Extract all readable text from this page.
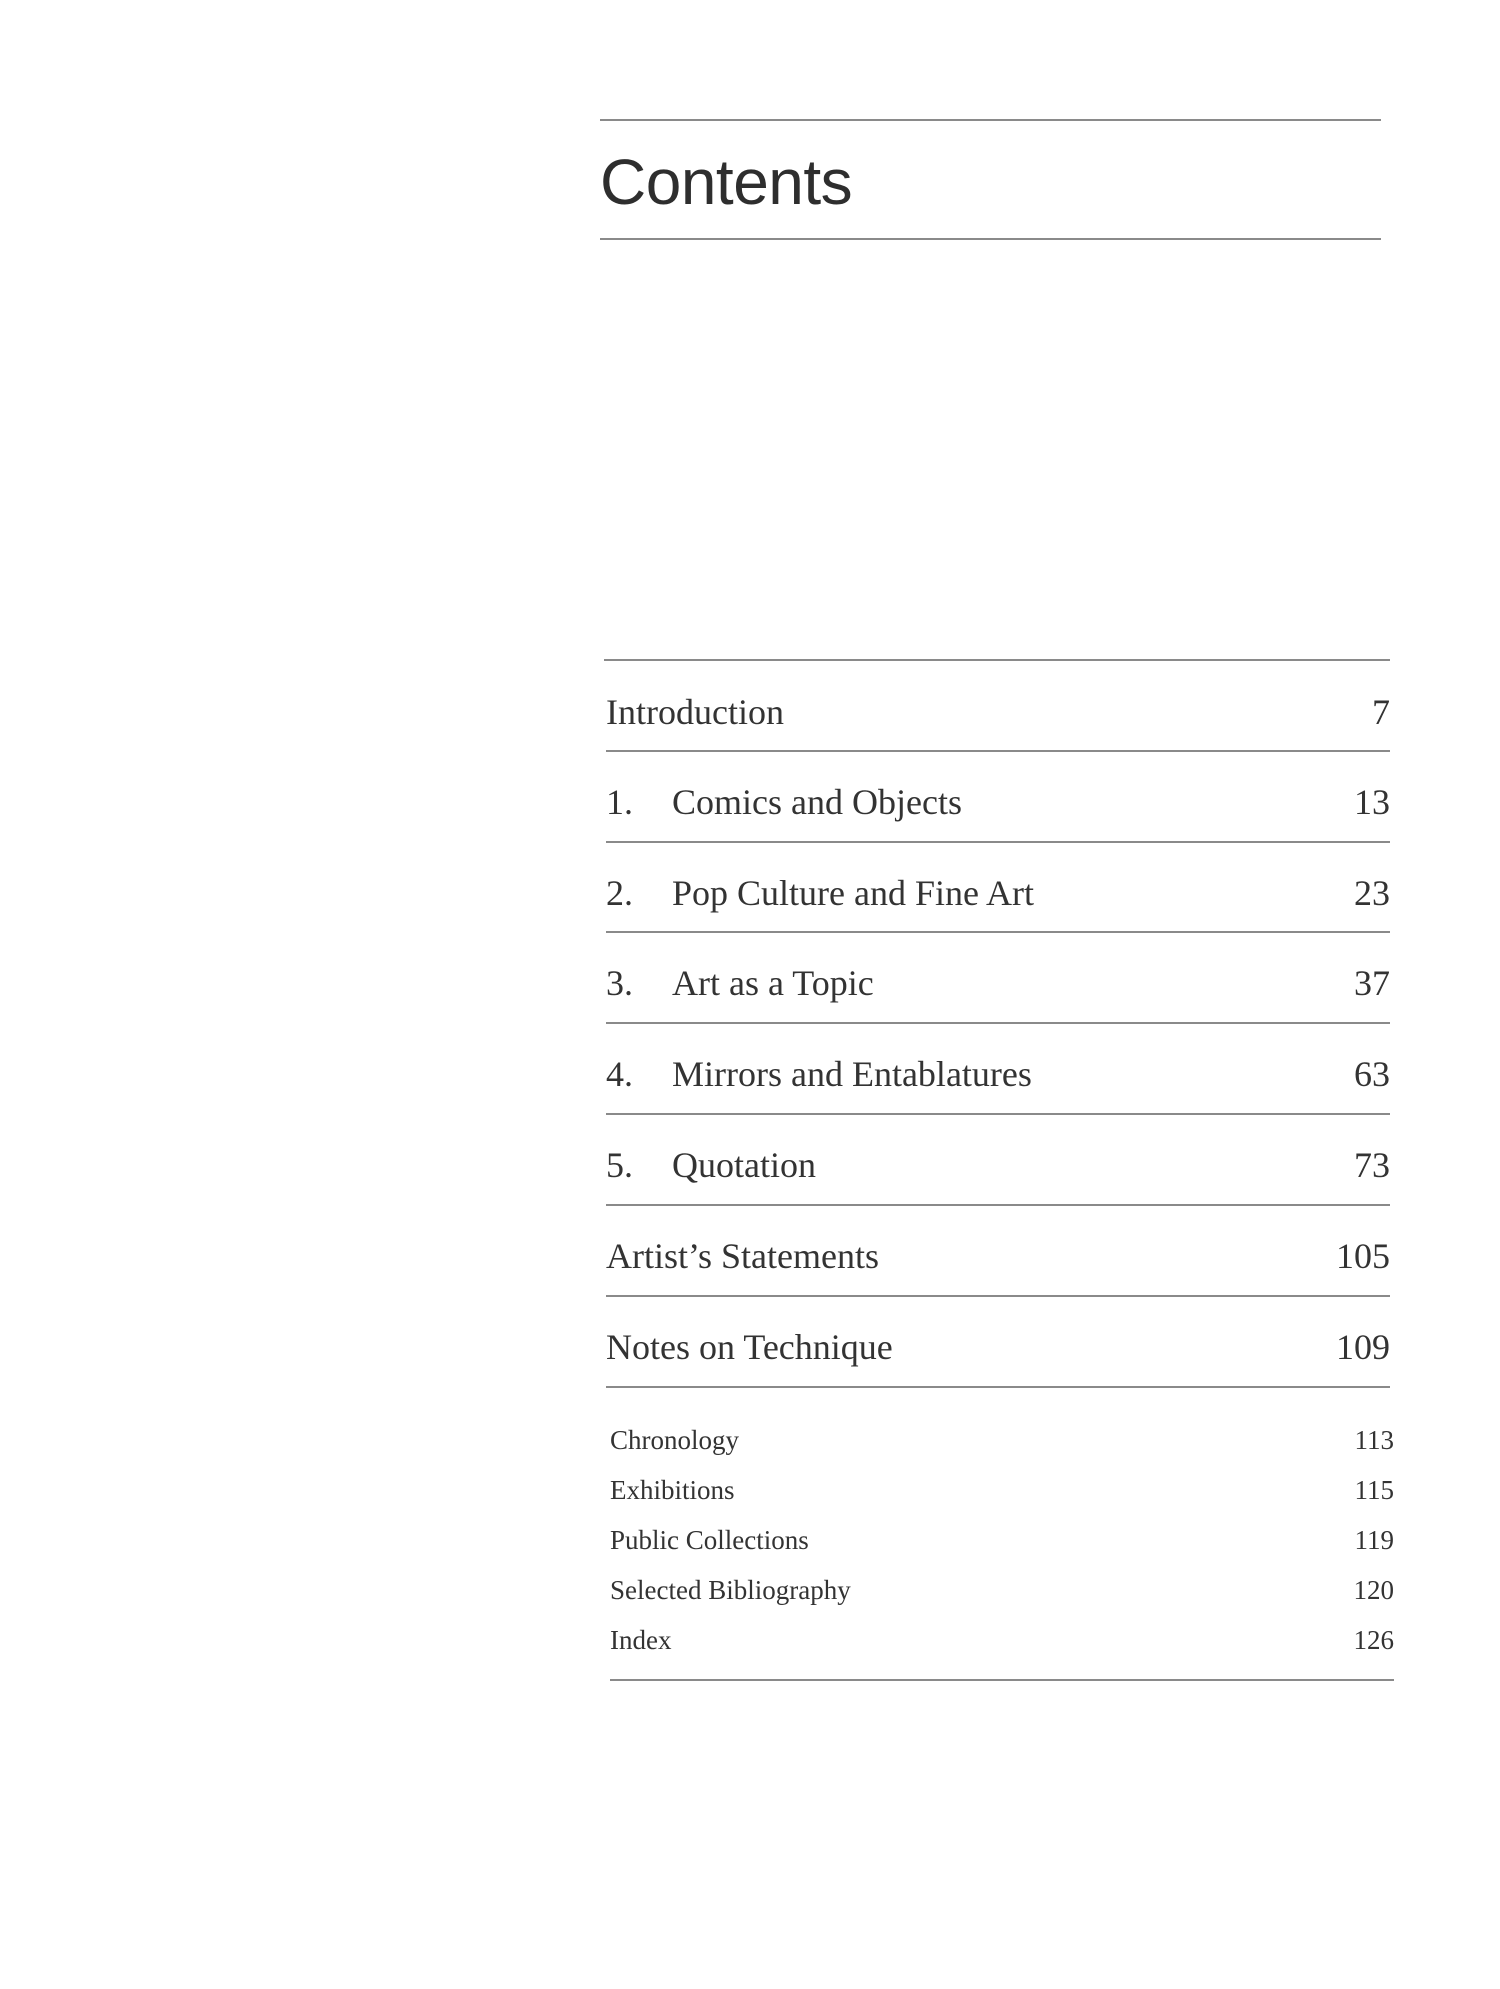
Contents
Introduction	7
1.	Comics and Objects	13
2.	Pop Culture and Fine Art	23
3.	Art as a Topic	37
4.	Mirrors and Entablatures	63
5.	Quotation	73
Artist’s Statements	105
Notes on Technique	109
Chronology	113
Exhibitions	115
Public Collections	119
Selected Bibliography	120
Index	126
